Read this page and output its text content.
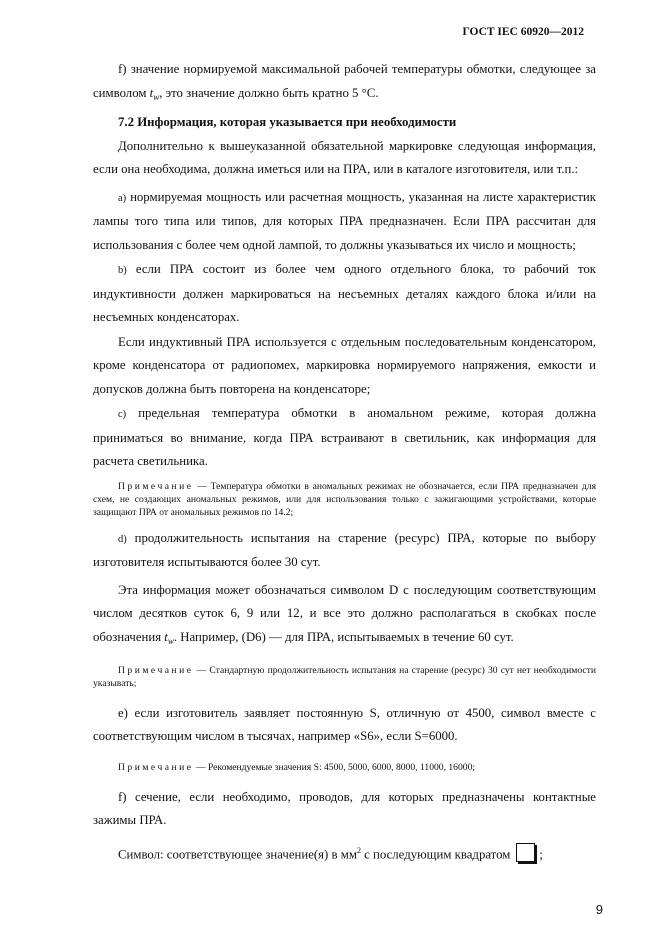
ГОСТ IEC 60920—2012

f) значение нормируемой максимальной рабочей температуры обмотки, следующее за символом $t_w$, это значение должно быть кратно 5 °С.

7.2 Информация, которая указывается при необходимости

Дополнительно к вышеуказанной обязательной маркировке следующая информация, если она необходима, должна иметься или на ПРА, или в каталоге изготовителя, или т.п.:

а) нормируемая мощность или расчетная мощность, указанная на листе характеристик лампы того типа или типов, для которых ПРА предназначен. Если ПРА рассчитан для использования с более чем одной лампой, то должны указываться их число и мощность;

b) если ПРА состоит из более чем одного отдельного блока, то рабочий ток индуктивности должен маркироваться на несъемных деталях каждого блока и/или на несъемных конденсаторах.

Если индуктивный ПРА используется с отдельным последовательным конденсатором, кроме конденсатора от радиопомех, маркировка нормируемого напряжения, емкости и допусков должна быть повторена на конденсаторе;

с) предельная температура обмотки в аномальном режиме, которая должна приниматься во внимание, когда ПРА встраивают в светильник, как информация для расчета светильника.

Примечание — Температура обмотки в аномальных режимах не обозначается, если ПРА предназначен для схем, не создающих аномальных режимов, или для использования только с зажигающими устройствами, которые защищают ПРА от аномальных режимов по 14.2;

d) продолжительность испытания на старение (ресурс) ПРА, которые по выбору изготовителя испытываются более 30 сут.

Эта информация может обозначаться символом D с последующим соответствующим числом десятков суток 6, 9 или 12, и все это должно располагаться в скобках после обозначения $t_w$. Например, (D6) — для ПРА, испытываемых в течение 60 сут.

Примечание — Стандартную продолжительность испытания на старение (ресурс) 30 сут нет необходимости указывать;

е) если изготовитель заявляет постоянную S, отличную от 4500, символ вместе с соответствующим числом в тысячах, например «S6», если S=6000.

Примечание — Рекомендуемые значения S: 4500, 5000, 6000, 8000, 11000, 16000;

f) сечение, если необходимо, проводов, для которых предназначены контактные зажимы ПРА.

Символ: соответствующее значение(я) в $мм^2$ с последующим квадратом ;

9
